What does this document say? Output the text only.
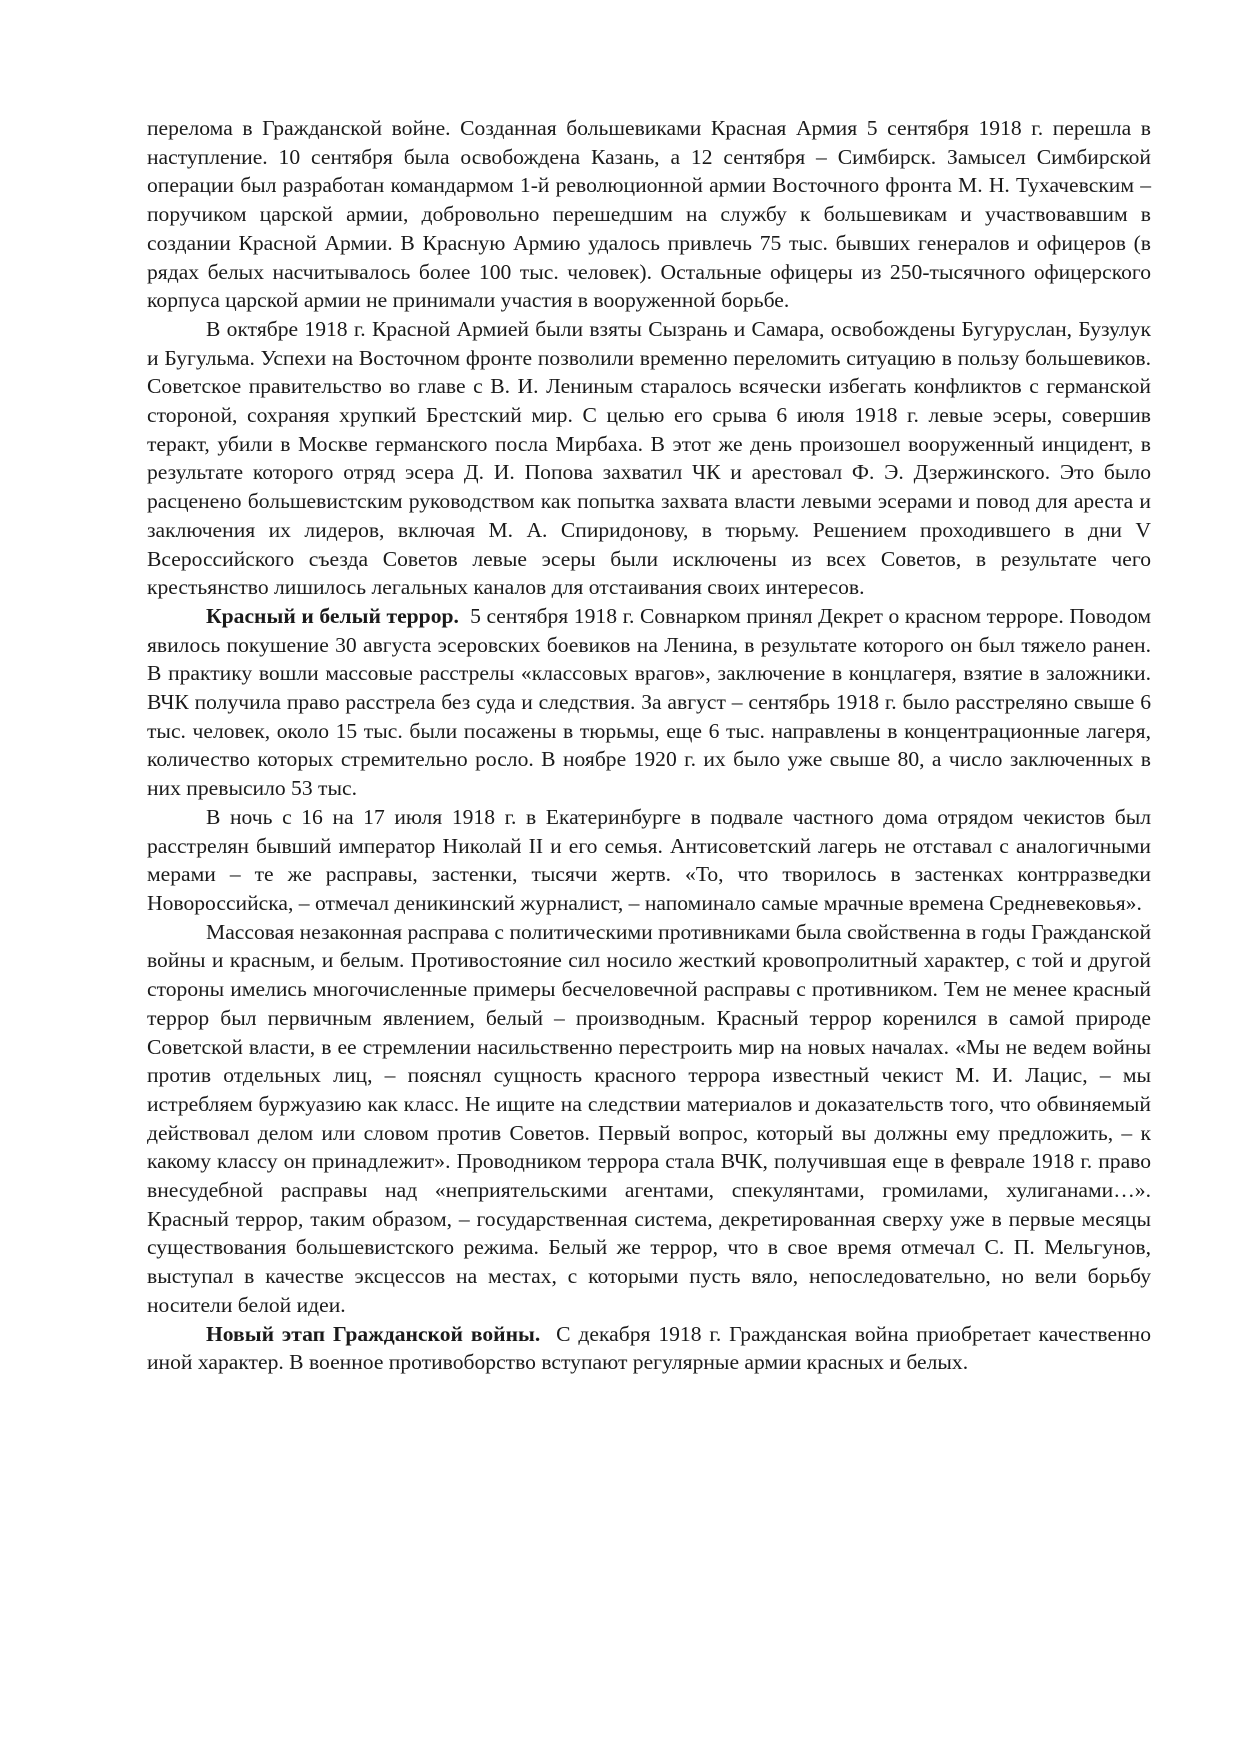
перелома в Гражданской войне. Созданная большевиками Красная Армия 5 сентября 1918 г. перешла в наступление. 10 сентября была освобождена Казань, а 12 сентября – Симбирск. Замысел Симбирской операции был разработан командармом 1-й революционной армии Восточного фронта М. Н. Тухачевским – поручиком царской армии, добровольно перешедшим на службу к большевикам и участвовавшим в создании Красной Армии. В Красную Армию удалось привлечь 75 тыс. бывших генералов и офицеров (в рядах белых насчитывалось более 100 тыс. человек). Остальные офицеры из 250-тысячного офицерского корпуса царской армии не принимали участия в вооруженной борьбе.

В октябре 1918 г. Красной Армией были взяты Сызрань и Самара, освобождены Бугуруслан, Бузулук и Бугульма. Успехи на Восточном фронте позволили временно переломить ситуацию в пользу большевиков. Советское правительство во главе с В. И. Лениным старалось всячески избегать конфликтов с германской стороной, сохраняя хрупкий Брестский мир. С целью его срыва 6 июля 1918 г. левые эсеры, совершив теракт, убили в Москве германского посла Мирбаха. В этот же день произошел вооруженный инцидент, в результате которого отряд эсера Д. И. Попова захватил ЧК и арестовал Ф. Э. Дзержинского. Это было расценено большевистским руководством как попытка захвата власти левыми эсерами и повод для ареста и заключения их лидеров, включая М. А. Спиридонову, в тюрьму. Решением проходившего в дни V Всероссийского съезда Советов левые эсеры были исключены из всех Советов, в результате чего крестьянство лишилось легальных каналов для отстаивания своих интересов.

Красный и белый террор.  5 сентября 1918 г. Совнарком принял Декрет о красном терроре. Поводом явилось покушение 30 августа эсеровских боевиков на Ленина, в результате которого он был тяжело ранен. В практику вошли массовые расстрелы «классовых врагов», заключение в концлагеря, взятие в заложники. ВЧК получила право расстрела без суда и следствия. За август – сентябрь 1918 г. было расстреляно свыше 6 тыс. человек, около 15 тыс. были посажены в тюрьмы, еще 6 тыс. направлены в концентрационные лагеря, количество которых стремительно росло. В ноябре 1920 г. их было уже свыше 80, а число заключенных в них превысило 53 тыс.

В ночь с 16 на 17 июля 1918 г. в Екатеринбурге в подвале частного дома отрядом чекистов был расстрелян бывший император Николай II и его семья. Антисоветский лагерь не отставал с аналогичными мерами – те же расправы, застенки, тысячи жертв. «То, что творилось в застенках контрразведки Новороссийска, – отмечал деникинский журналист, – напоминало самые мрачные времена Средневековья».

Массовая незаконная расправа с политическими противниками была свойственна в годы Гражданской войны и красным, и белым. Противостояние сил носило жесткий кровопролитный характер, с той и другой стороны имелись многочисленные примеры бесчеловечной расправы с противником. Тем не менее красный террор был первичным явлением, белый – производным. Красный террор коренился в самой природе Советской власти, в ее стремлении насильственно перестроить мир на новых началах. «Мы не ведем войны против отдельных лиц, – пояснял сущность красного террора известный чекист М. И. Лацис, – мы истребляем буржуазию как класс. Не ищите на следствии материалов и доказательств того, что обвиняемый действовал делом или словом против Советов. Первый вопрос, который вы должны ему предложить, – к какому классу он принадлежит». Проводником террора стала ВЧК, получившая еще в феврале 1918 г. право внесудебной расправы над «неприятельскими агентами, спекулянтами, громилами, хулиганами…». Красный террор, таким образом, – государственная система, декретированная сверху уже в первые месяцы существования большевистского режима. Белый же террор, что в свое время отмечал С. П. Мельгунов, выступал в качестве эксцессов на местах, с которыми пусть вяло, непоследовательно, но вели борьбу носители белой идеи.

Новый этап Гражданской войны.  С декабря 1918 г. Гражданская война приобретает качественно иной характер. В военное противоборство вступают регулярные армии красных и белых.
